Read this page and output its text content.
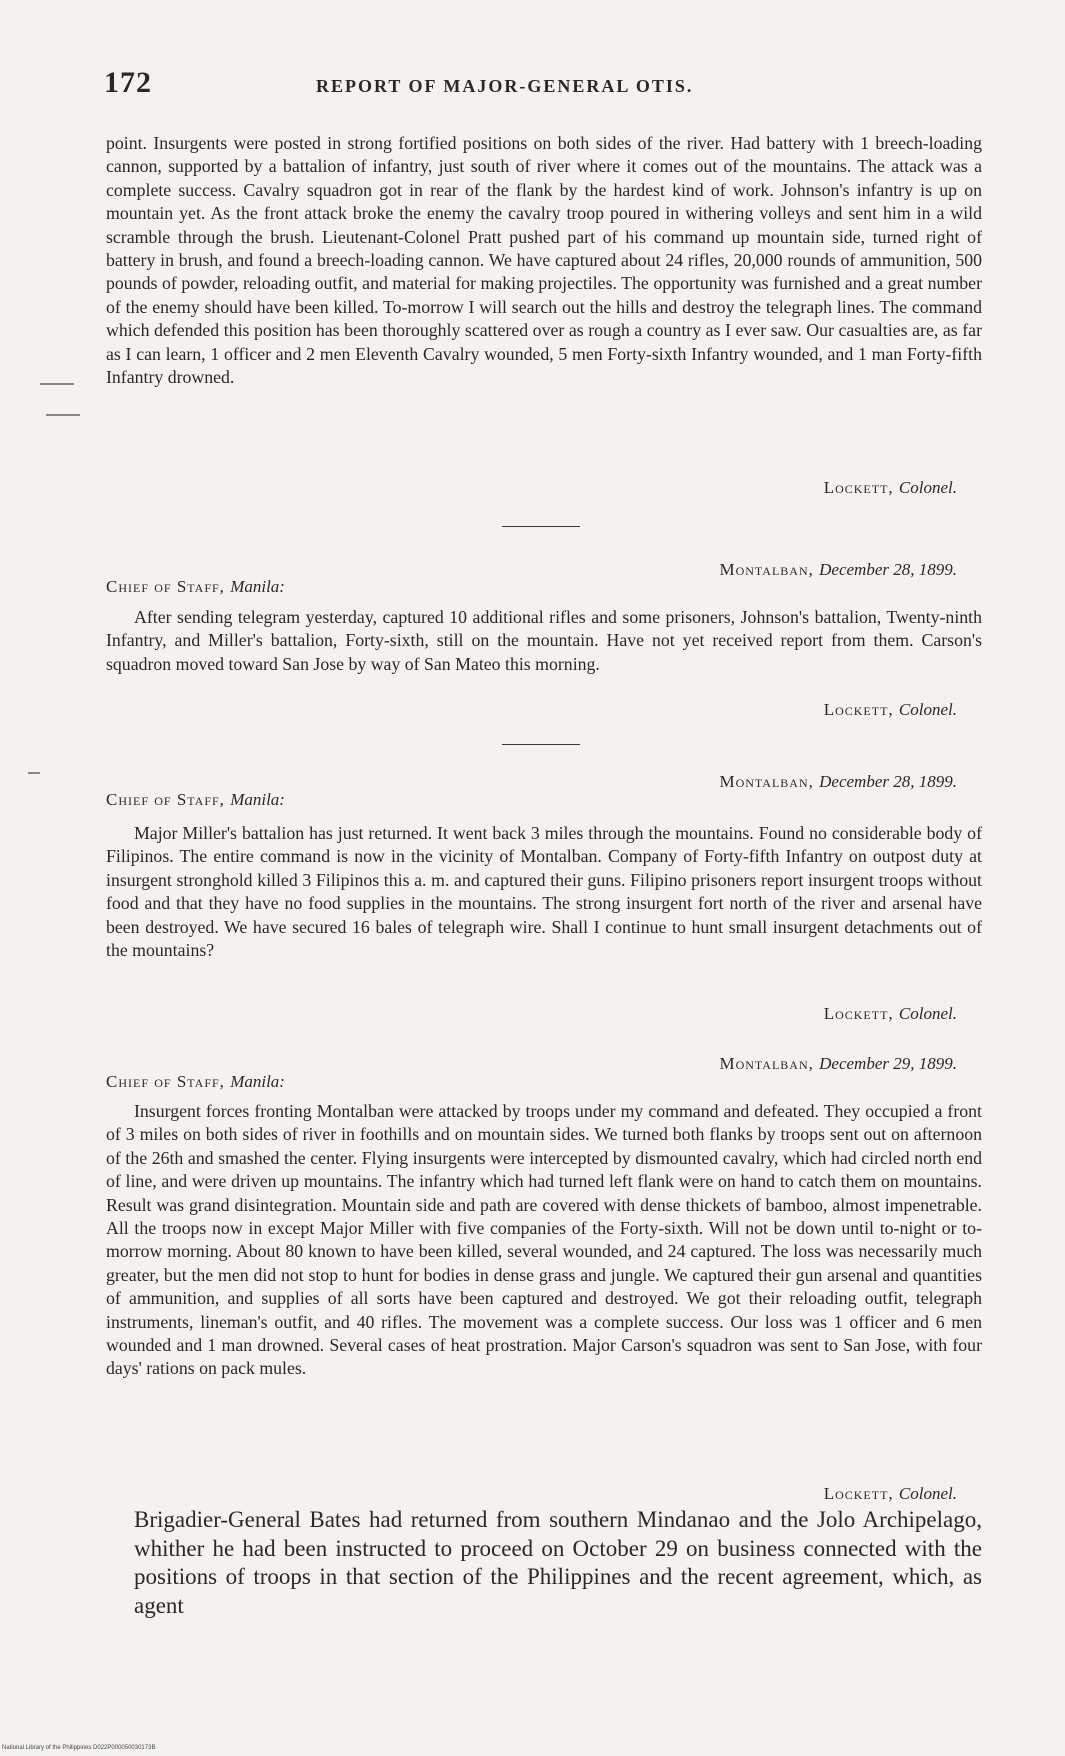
172	REPORT OF MAJOR-GENERAL OTIS.

point. Insurgents were posted in strong fortified positions on both sides of the river. Had battery with 1 breech-loading cannon, supported by a battalion of infantry, just south of river where it comes out of the mountains. The attack was a complete success. Cavalry squadron got in rear of the flank by the hardest kind of work. Johnson's infantry is up on mountain yet. As the front attack broke the enemy the cavalry troop poured in withering volleys and sent him in a wild scramble through the brush. Lieutenant-Colonel Pratt pushed part of his command up mountain side, turned right of battery in brush, and found a breech-loading cannon. We have captured about 24 rifles, 20,000 rounds of ammunition, 500 pounds of powder, reloading outfit, and material for making projectiles. The opportunity was furnished and a great number of the enemy should have been killed. To-morrow I will search out the hills and destroy the telegraph lines. The command which defended this position has been thoroughly scattered over as rough a country as I ever saw. Our casualties are, as far as I can learn, 1 officer and 2 men Eleventh Cavalry wounded, 5 men Forty-sixth Infantry wounded, and 1 man Forty-fifth Infantry drowned.

Lockett, Colonel.
Montalban, December 28, 1899.
Chief of Staff, Manila:

After sending telegram yesterday, captured 10 additional rifles and some prisoners, Johnson's battalion, Twenty-ninth Infantry, and Miller's battalion, Forty-sixth, still on the mountain. Have not yet received report from them. Carson's squadron moved toward San Jose by way of San Mateo this morning.

Lockett, Colonel.
Montalban, December 28, 1899.
Chief of Staff, Manila:

Major Miller's battalion has just returned. It went back 3 miles through the mountains. Found no considerable body of Filipinos. The entire command is now in the vicinity of Montalban. Company of Forty-fifth Infantry on outpost duty at insurgent stronghold killed 3 Filipinos this a. m. and captured their guns. Filipino prisoners report insurgent troops without food and that they have no food supplies in the mountains. The strong insurgent fort north of the river and arsenal have been destroyed. We have secured 16 bales of telegraph wire. Shall I continue to hunt small insurgent detachments out of the mountains?

Lockett, Colonel.
Montalban, December 29, 1899.
Chief of Staff, Manila:

Insurgent forces fronting Montalban were attacked by troops under my command and defeated. They occupied a front of 3 miles on both sides of river in foothills and on mountain sides. We turned both flanks by troops sent out on afternoon of the 26th and smashed the center. Flying insurgents were intercepted by dismounted cavalry, which had circled north end of line, and were driven up mountains. The infantry which had turned left flank were on hand to catch them on mountains. Result was grand disintegration. Mountain side and path are covered with dense thickets of bamboo, almost impenetrable. All the troops now in except Major Miller with five companies of the Forty-sixth. Will not be down until to-night or to-morrow morning. About 80 known to have been killed, several wounded, and 24 captured. The loss was necessarily much greater, but the men did not stop to hunt for bodies in dense grass and jungle. We captured their gun arsenal and quantities of ammunition, and supplies of all sorts have been captured and destroyed. We got their reloading outfit, telegraph instruments, lineman's outfit, and 40 rifles. The movement was a complete success. Our loss was 1 officer and 6 men wounded and 1 man drowned. Several cases of heat prostration. Major Carson's squadron was sent to San Jose, with four days' rations on pack mules.

Lockett, Colonel.

Brigadier-General Bates had returned from southern Mindanao and the Jolo Archipelago, whither he had been instructed to proceed on October 29 on business connected with the positions of troops in that section of the Philippines and the recent agreement, which, as agent

National Library of the Philippines D022P000050030173B
